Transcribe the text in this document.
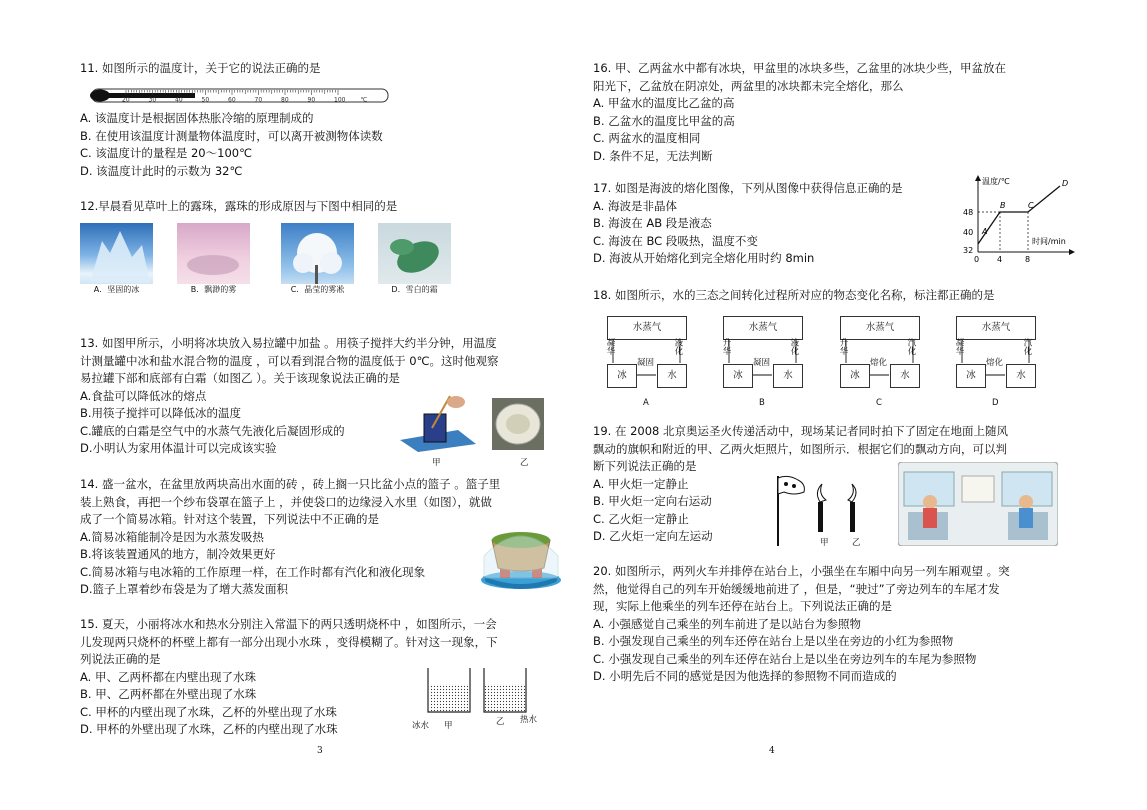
11. 如图所示的温度计，关于它的说法正确的是
20	30	40	50	60	70	80	90	100	℃
A. 该温度计是根据固体热胀冷缩的原理制成的
B. 在使用该温度计测量物体温度时，可以离开被测物体读数
C. 该温度计的量程是 20～100℃
D. 该温度计此时的示数为 32℃
12.早晨看见草叶上的露珠，露珠的形成原因与下图中相同的是
A．坚固的冰	B．飘渺的雾	C．晶莹的雾凇	D．雪白的霜
13. 如图甲所示，小明将冰块放入易拉罐中加盐 。用筷子搅拌大约半分钟，用温度
计测量罐中冰和盐水混合物的温度 ，可以看到混合物的温度低于 0℃。这时他观察
易拉罐下部和底部有白霜（如图乙 ）。关于该现象说法正确的是
A.食盐可以降低冰的熔点
B.用筷子搅拌可以降低冰的温度
C.罐底的白霜是空气中的水蒸气先液化后凝固形成的
D.小明认为家用体温计可以完成该实验
甲	乙
14. 盛一盆水，在盆里放两块高出水面的砖 ，砖上搁一只比盆小点的篮子 。篮子里
装上熟食，再把一个纱布袋罩在篮子上 ，并使袋口的边缘浸入水里（如图），就做
成了一个简易冰箱。针对这个装置，下列说法中不正确的是
A.简易冰箱能制冷是因为水蒸发吸热
B.将该装置通风的地方，制冷效果更好
C.简易冰箱与电冰箱的工作原理一样，在工作时都有汽化和液化现象
D.篮子上罩着纱布袋是为了增大蒸发面积
15. 夏天，小丽将冰水和热水分别注入常温下的两只透明烧杯中 ，如图所示，一会
儿发现两只烧杯的杯壁上都有一部分出现小水珠 ，变得模糊了。针对这一现象，下
列说法正确的是
A. 甲、乙两杯都在内壁出现了水珠
B. 甲、乙两杯都在外壁出现了水珠
C. 甲杯的内壁出现了水珠，乙杯的外壁出现了水珠
D. 甲杯的外壁出现了水珠，乙杯的内壁出现了水珠	冰水 甲	乙 热水
3
16. 甲、乙两盆水中都有冰块，甲盆里的冰块多些，乙盆里的冰块少些，甲盆放在
阳光下，乙盆放在阴凉处，两盆里的冰块都未完全熔化，那么
A. 甲盆水的温度比乙盆的高
B. 乙盆水的温度比甲盆的高
C. 两盆水的温度相同
D. 条件不足，无法判断
17. 如图是海波的熔化图像，下列从图像中获得信息正确的是
A. 海波是非晶体
B. 海波在 AB 段是液态
C. 海波在 BC 段吸热，温度不变
D. 海波从开始熔化到完全熔化用时约 8min
温度/℃
时间/min
48
40
32
0 4	8
A
B	C
D
18. 如图所示，水的三态之间转化过程所对应的物态变化名称，标注都正确的是
水蒸气
冰	水
凝华	液化
凝固
A
水蒸气
冰	水
升华	液化
凝固
B
水蒸气
冰	水
升华	汽化
熔化
C
水蒸气
冰	水
凝华	汽化
熔化
D
19. 在 2008 北京奥运圣火传递活动中，现场某记者同时拍下了固定在地面上随风
飘动的旗帜和附近的甲、乙两火炬照片，如图所示．根据它们的飘动方向，可以判
断下列说法正确的是
A. 甲火炬一定静止
B. 甲火炬一定向右运动
C. 乙火炬一定静止
D. 乙火炬一定向左运动	甲	乙
20. 如图所示，两列火车并排停在站台上，小强坐在车厢中向另一列车厢观望 。突
然，他觉得自己的列车开始缓缓地前进了 ，但是，“驶过”了旁边列车的车尾才发
现，实际上他乘坐的列车还停在站台上。下列说法正确的是
A. 小强感觉自己乘坐的列车前进了是以站台为参照物
B. 小强发现自己乘坐的列车还停在站台上是以坐在旁边的小红为参照物
C. 小强发现自己乘坐的列车还停在站台上是以坐在旁边列车的车尾为参照物
D. 小明先后不同的感觉是因为他选择的参照物不同而造成的
4
